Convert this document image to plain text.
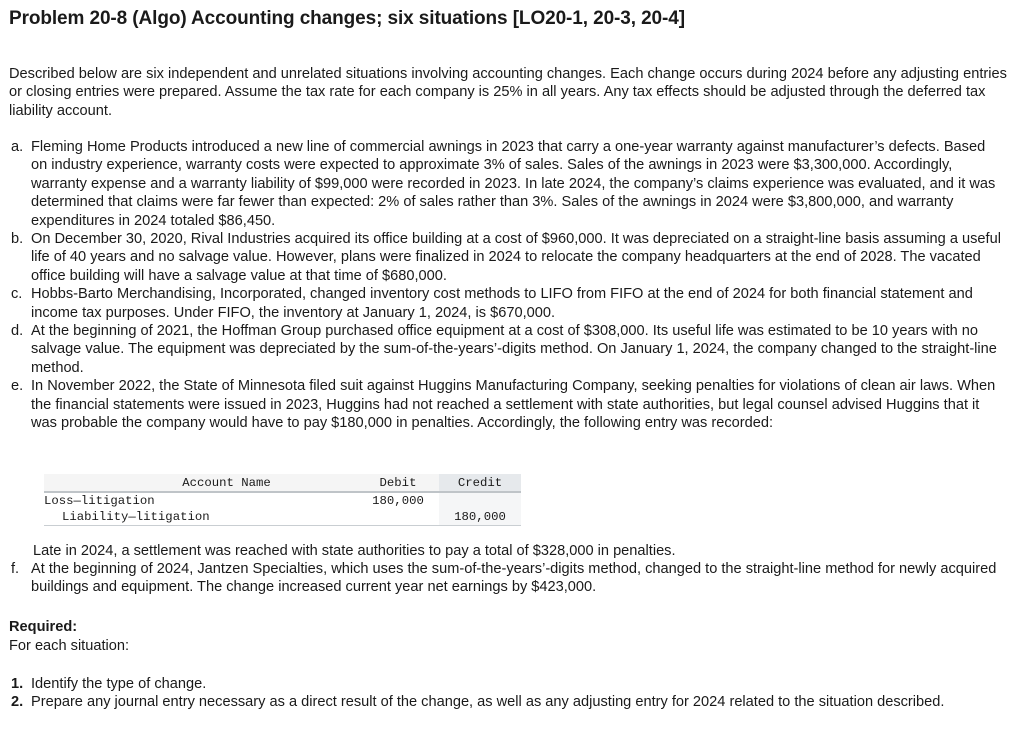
Problem 20-8 (Algo) Accounting changes; six situations [LO20-1, 20-3, 20-4]
Described below are six independent and unrelated situations involving accounting changes. Each change occurs during 2024 before any adjusting entries or closing entries were prepared. Assume the tax rate for each company is 25% in all years. Any tax effects should be adjusted through the deferred tax liability account.
a. Fleming Home Products introduced a new line of commercial awnings in 2023 that carry a one-year warranty against manufacturer’s defects. Based on industry experience, warranty costs were expected to approximate 3% of sales. Sales of the awnings in 2023 were $3,300,000. Accordingly, warranty expense and a warranty liability of $99,000 were recorded in 2023. In late 2024, the company’s claims experience was evaluated, and it was determined that claims were far fewer than expected: 2% of sales rather than 3%. Sales of the awnings in 2024 were $3,800,000, and warranty expenditures in 2024 totaled $86,450.
b. On December 30, 2020, Rival Industries acquired its office building at a cost of $960,000. It was depreciated on a straight-line basis assuming a useful life of 40 years and no salvage value. However, plans were finalized in 2024 to relocate the company headquarters at the end of 2028. The vacated office building will have a salvage value at that time of $680,000.
c. Hobbs-Barto Merchandising, Incorporated, changed inventory cost methods to LIFO from FIFO at the end of 2024 for both financial statement and income tax purposes. Under FIFO, the inventory at January 1, 2024, is $670,000.
d. At the beginning of 2021, the Hoffman Group purchased office equipment at a cost of $308,000. Its useful life was estimated to be 10 years with no salvage value. The equipment was depreciated by the sum-of-the-years’-digits method. On January 1, 2024, the company changed to the straight-line method.
e. In November 2022, the State of Minnesota filed suit against Huggins Manufacturing Company, seeking penalties for violations of clean air laws. When the financial statements were issued in 2023, Huggins had not reached a settlement with state authorities, but legal counsel advised Huggins that it was probable the company would have to pay $180,000 in penalties. Accordingly, the following entry was recorded:
Account Name	Debit	Credit
Loss—litigation	180,000	
Liability—litigation		180,000
Late in 2024, a settlement was reached with state authorities to pay a total of $328,000 in penalties.
f. At the beginning of 2024, Jantzen Specialties, which uses the sum-of-the-years’-digits method, changed to the straight-line method for newly acquired buildings and equipment. The change increased current year net earnings by $423,000.
Required:
For each situation:
1. Identify the type of change.
2. Prepare any journal entry necessary as a direct result of the change, as well as any adjusting entry for 2024 related to the situation described.
